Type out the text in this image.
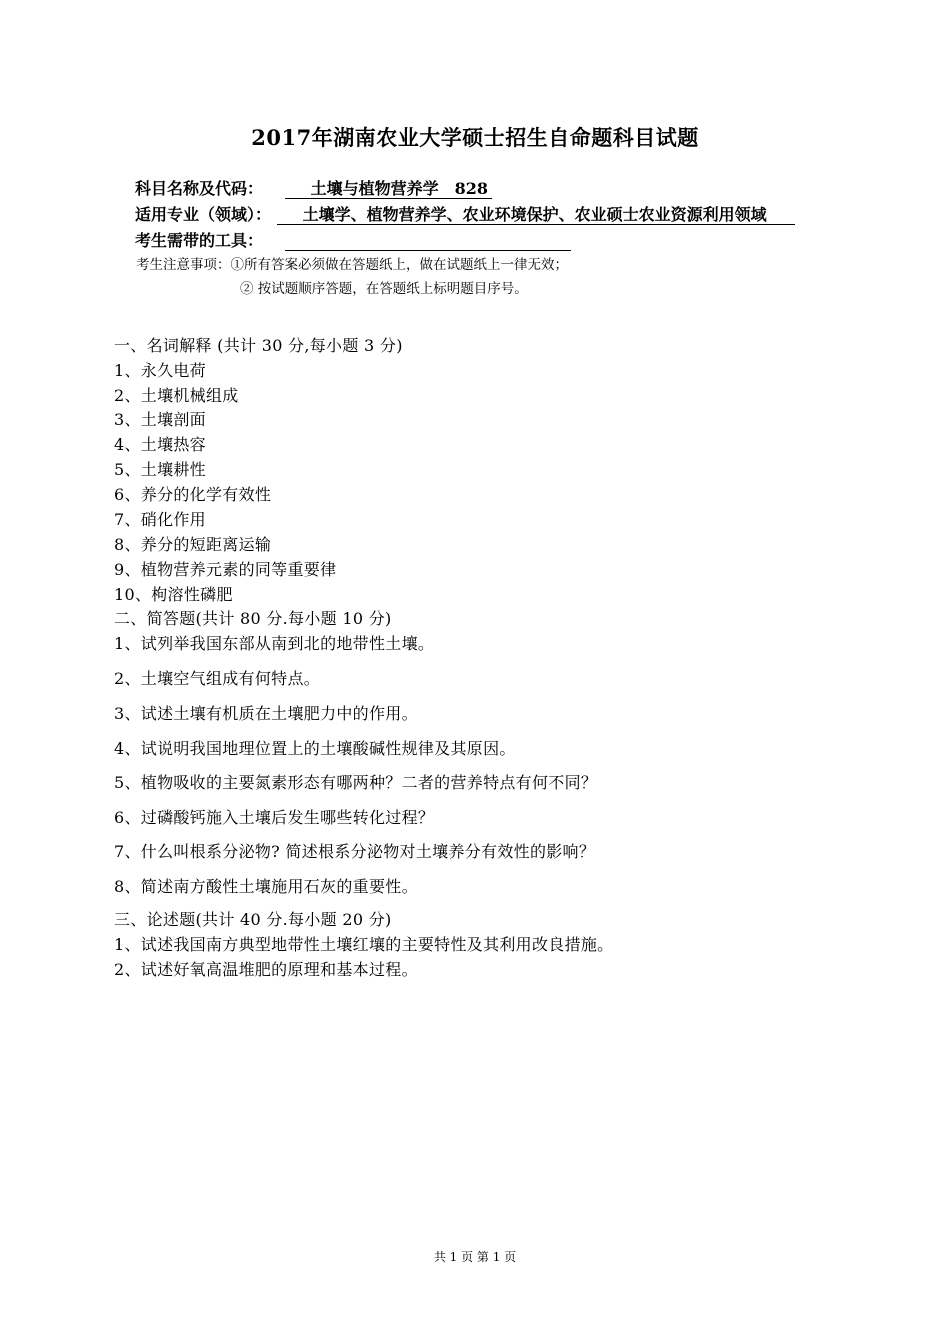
2017年湖南农业大学硕士招生自命题科目试题
科目名称及代码：	土壤与植物营养学　828
适用专业（领域）： 土壤学、植物营养学、农业环境保护、农业硕士农业资源利用领域
考生需带的工具：
考生注意事项：①所有答案必须做在答题纸上，做在试题纸上一律无效；
② 按试题顺序答题，在答题纸上标明题目序号。
一、名词解释 (共计 30 分,每小题 3 分)
1、永久电荷
2、土壤机械组成
3、土壤剖面
4、土壤热容
5、土壤耕性
6、养分的化学有效性
7、硝化作用
8、养分的短距离运输
9、植物营养元素的同等重要律
10、枸溶性磷肥
二、简答题(共计 80 分.每小题 10 分)
1、试列举我国东部从南到北的地带性土壤。
2、土壤空气组成有何特点。
3、试述土壤有机质在土壤肥力中的作用。
4、试说明我国地理位置上的土壤酸碱性规律及其原因。
5、植物吸收的主要氮素形态有哪两种？二者的营养特点有何不同？
6、过磷酸钙施入土壤后发生哪些转化过程？
7、什么叫根系分泌物? 简述根系分泌物对土壤养分有效性的影响？
8、简述南方酸性土壤施用石灰的重要性。
三、论述题(共计 40 分.每小题 20 分)
1、试述我国南方典型地带性土壤红壤的主要特性及其利用改良措施。
2、试述好氧高温堆肥的原理和基本过程。
共 1 页 第 1 页
